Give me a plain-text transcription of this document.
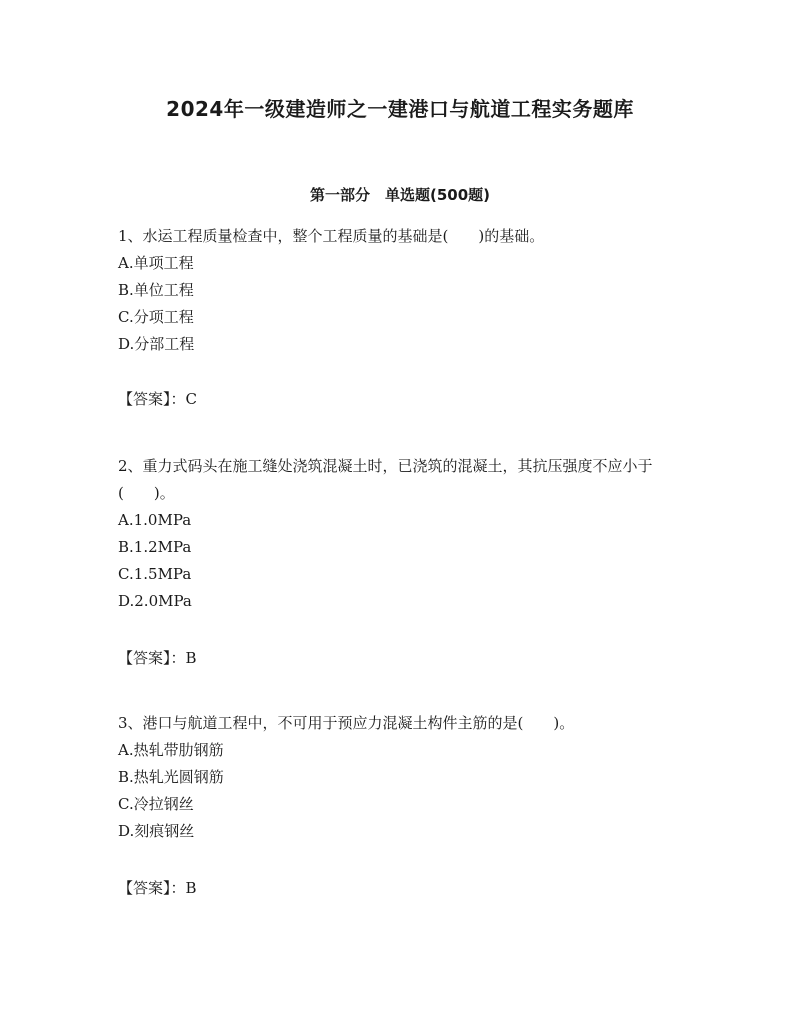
2024年一级建造师之一建港口与航道工程实务题库
第一部分　单选题(500题)

1、水运工程质量检查中，整个工程质量的基础是(　　)的基础。

A.单项工程

B.单位工程

C.分项工程

D.分部工程

【答案】：C

2、重力式码头在施工缝处浇筑混凝土时，已浇筑的混凝土，其抗压强度不应小于(　　)。

A.1.0MPa

B.1.2MPa

C.1.5MPa

D.2.0MPa

【答案】：B

3、港口与航道工程中，不可用于预应力混凝土构件主筋的是(　　)。

A.热轧带肋钢筋

B.热轧光圆钢筋

C.冷拉钢丝

D.刻痕钢丝

【答案】：B
